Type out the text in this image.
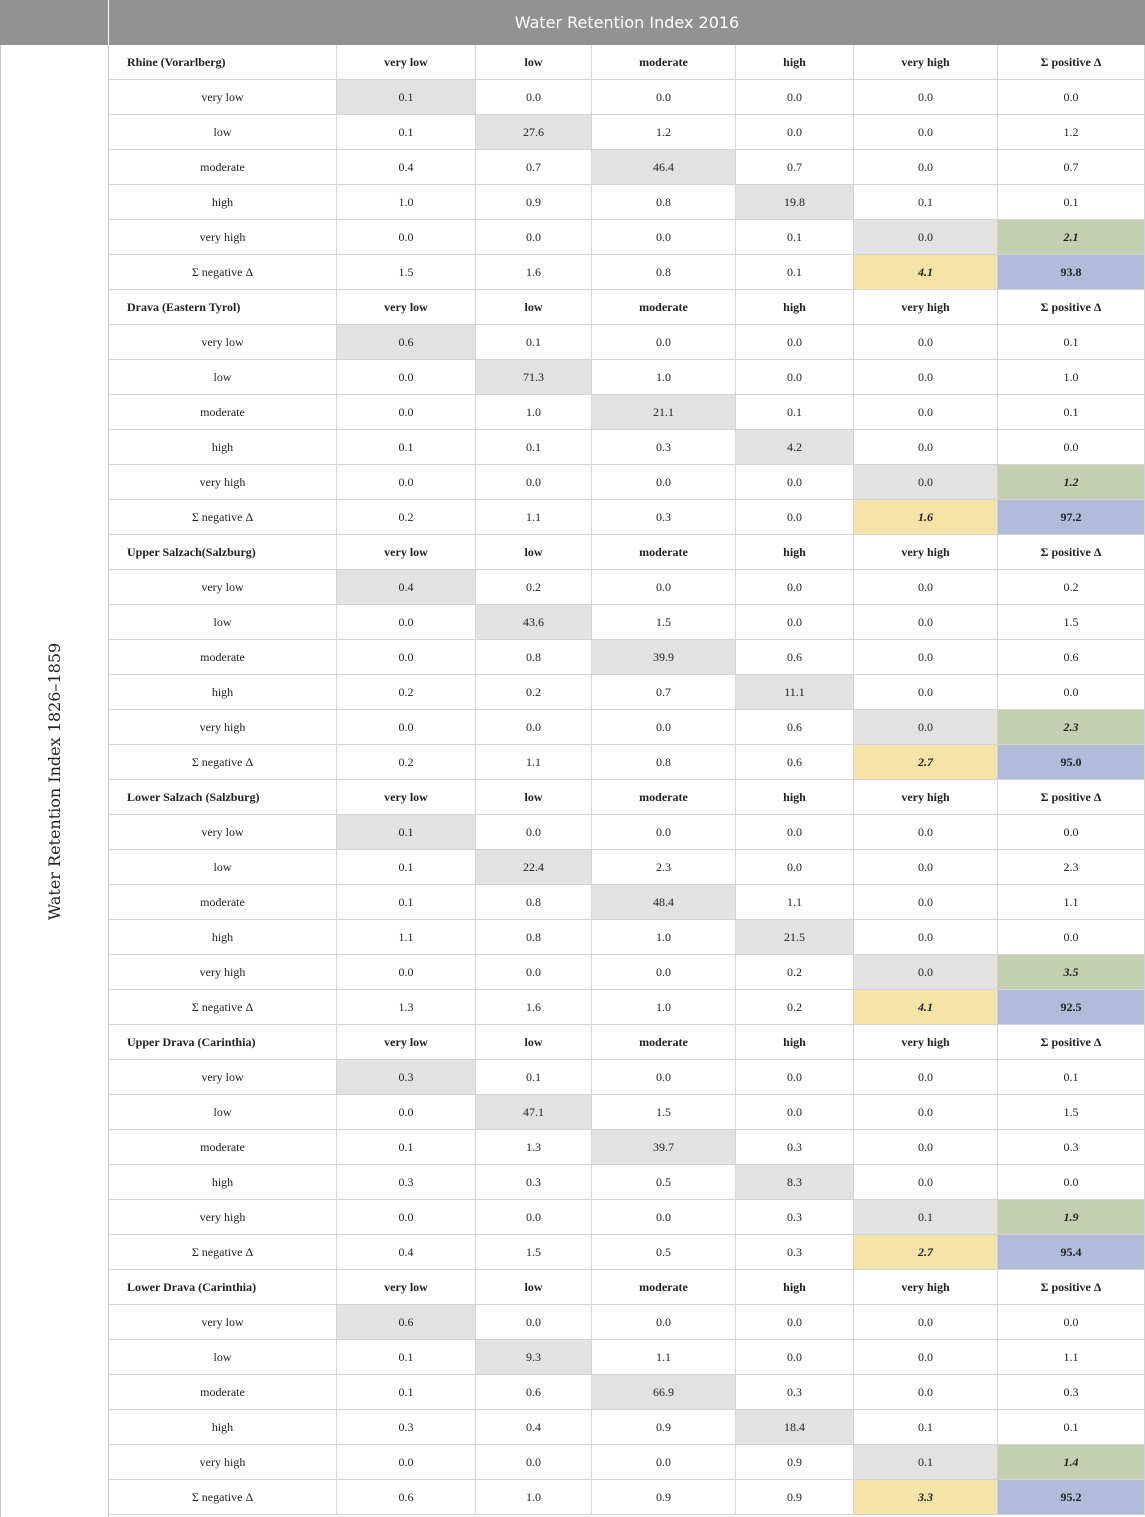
Water Retention Index 2016
Water Retention Index 1826–1859
Rhine (Vorarlberg)	very low	low	moderate	high	very high	Σ positive Δ
very low	0.1	0.0	0.0	0.0	0.0	0.0
low	0.1	27.6	1.2	0.0	0.0	1.2
moderate	0.4	0.7	46.4	0.7	0.0	0.7
high	1.0	0.9	0.8	19.8	0.1	0.1
very high	0.0	0.0	0.0	0.1	0.0	2.1
Σ negative Δ	1.5	1.6	0.8	0.1	4.1	93.8
Drava (Eastern Tyrol)	very low	low	moderate	high	very high	Σ positive Δ
very low	0.6	0.1	0.0	0.0	0.0	0.1
low	0.0	71.3	1.0	0.0	0.0	1.0
moderate	0.0	1.0	21.1	0.1	0.0	0.1
high	0.1	0.1	0.3	4.2	0.0	0.0
very high	0.0	0.0	0.0	0.0	0.0	1.2
Σ negative Δ	0.2	1.1	0.3	0.0	1.6	97.2
Upper Salzach(Salzburg)	very low	low	moderate	high	very high	Σ positive Δ
very low	0.4	0.2	0.0	0.0	0.0	0.2
low	0.0	43.6	1.5	0.0	0.0	1.5
moderate	0.0	0.8	39.9	0.6	0.0	0.6
high	0.2	0.2	0.7	11.1	0.0	0.0
very high	0.0	0.0	0.0	0.6	0.0	2.3
Σ negative Δ	0.2	1.1	0.8	0.6	2.7	95.0
Lower Salzach (Salzburg)	very low	low	moderate	high	very high	Σ positive Δ
very low	0.1	0.0	0.0	0.0	0.0	0.0
low	0.1	22.4	2.3	0.0	0.0	2.3
moderate	0.1	0.8	48.4	1.1	0.0	1.1
high	1.1	0.8	1.0	21.5	0.0	0.0
very high	0.0	0.0	0.0	0.2	0.0	3.5
Σ negative Δ	1.3	1.6	1.0	0.2	4.1	92.5
Upper Drava (Carinthia)	very low	low	moderate	high	very high	Σ positive Δ
very low	0.3	0.1	0.0	0.0	0.0	0.1
low	0.0	47.1	1.5	0.0	0.0	1.5
moderate	0.1	1.3	39.7	0.3	0.0	0.3
high	0.3	0.3	0.5	8.3	0.0	0.0
very high	0.0	0.0	0.0	0.3	0.1	1.9
Σ negative Δ	0.4	1.5	0.5	0.3	2.7	95.4
Lower Drava (Carinthia)	very low	low	moderate	high	very high	Σ positive Δ
very low	0.6	0.0	0.0	0.0	0.0	0.0
low	0.1	9.3	1.1	0.0	0.0	1.1
moderate	0.1	0.6	66.9	0.3	0.0	0.3
high	0.3	0.4	0.9	18.4	0.1	0.1
very high	0.0	0.0	0.0	0.9	0.1	1.4
Σ negative Δ	0.6	1.0	0.9	0.9	3.3	95.2
